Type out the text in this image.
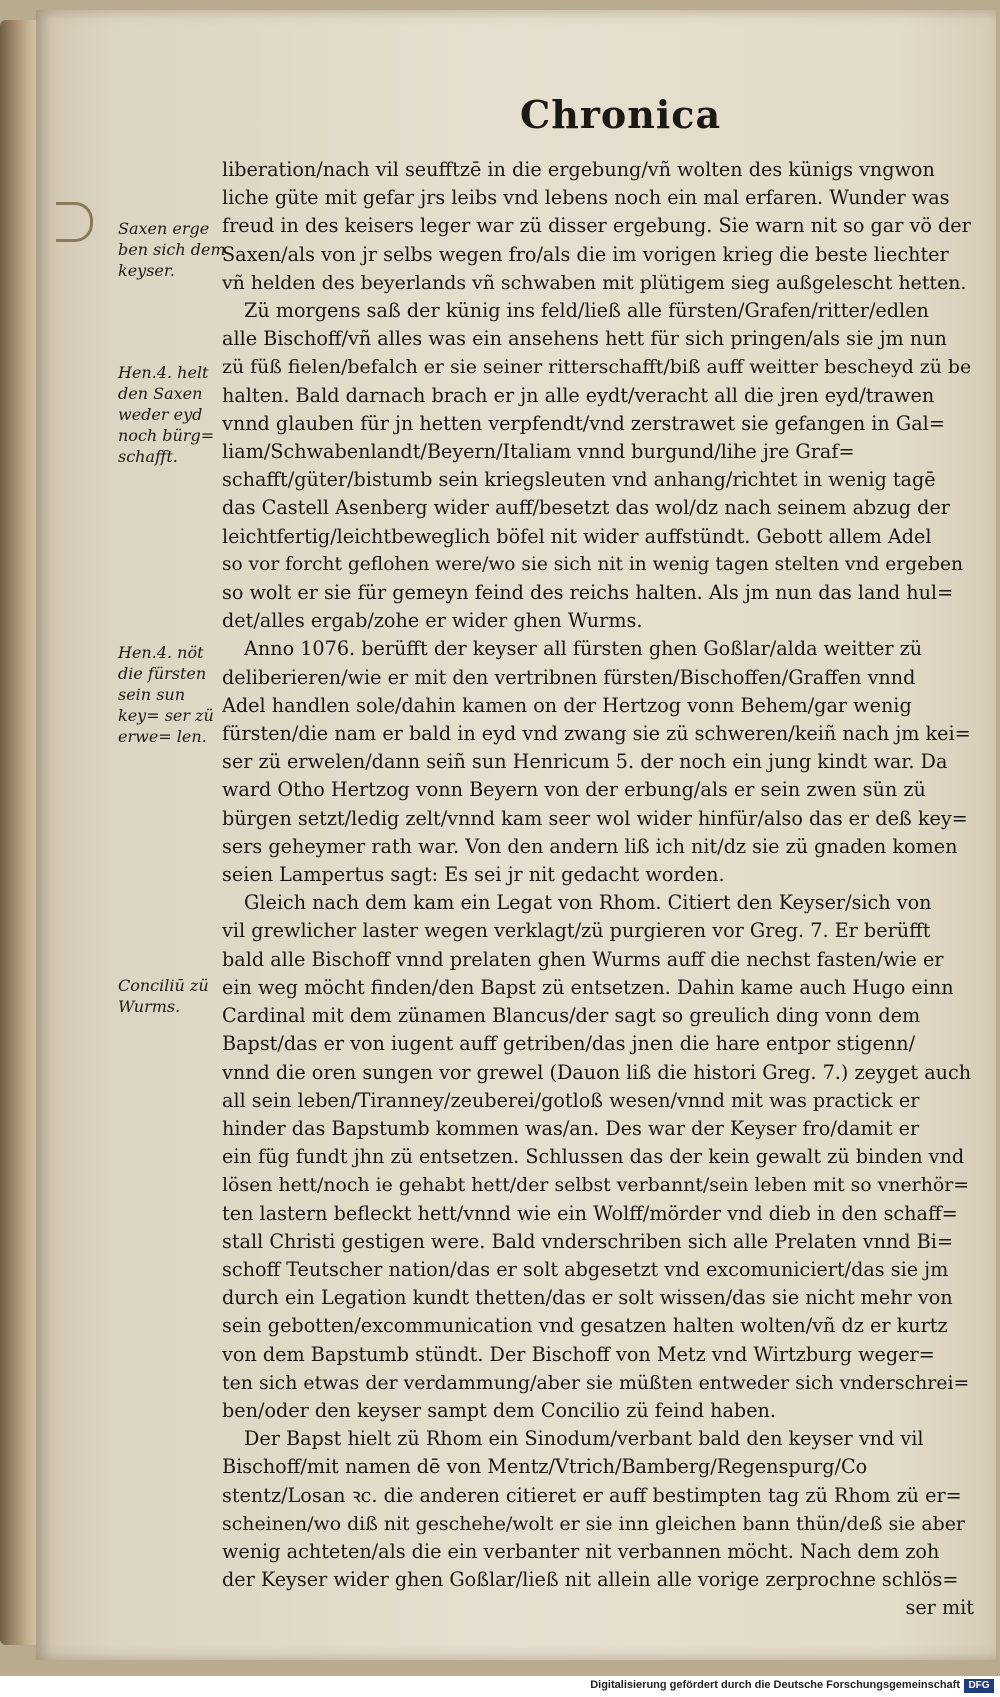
Chronica
Saxen erge ben sich dem keyser.
Hen.4. helt den Saxen weder eyd noch bürg= schafft.
Hen.4. nöt die fürsten sein sun key= ser zü erwe= len.
Conciliū zü Wurms.
liberation/nach vil seufftzē in die ergebung/vñ wolten des künigs vngwon
liche güte mit gefar jrs leibs vnd lebens noch ein mal erfaren. Wunder was
freud in des keisers leger war zü disser ergebung. Sie warn nit so gar vö der
Saxen/als von jr selbs wegen fro/als die im vorigen krieg die beste liechter
vñ helden des beyerlands vñ schwaben mit plütigem sieg außgelescht hetten.
Zü morgens saß der künig ins feld/ließ alle fürsten/Grafen/ritter/edlen
alle Bischoff/vñ alles was ein ansehens hett für sich pringen/als sie jm nun
zü füß fielen/befalch er sie seiner ritterschafft/biß auff weitter bescheyd zü be
halten. Bald darnach brach er jn alle eydt/veracht all die jren eyd/trawen
vnnd glauben für jn hetten verpfendt/vnd zerstrawet sie gefangen in Gal=
liam/Schwabenlandt/Beyern/Italiam vnnd burgund/lihe jre Graf=
schafft/güter/bistumb sein kriegsleuten vnd anhang/richtet in wenig tagē
das Castell Asenberg wider auff/besetzt das wol/dz nach seinem abzug der
leichtfertig/leichtbeweglich böfel nit wider auffstündt. Gebott allem Adel
so vor forcht geflohen were/wo sie sich nit in wenig tagen stelten vnd ergeben
so wolt er sie für gemeyn feind des reichs halten. Als jm nun das land hul=
det/alles ergab/zohe er wider ghen Wurms.
Anno 1076. berüfft der keyser all fürsten ghen Goßlar/alda weitter zü
deliberieren/wie er mit den vertribnen fürsten/Bischoffen/Graffen vnnd
Adel handlen sole/dahin kamen on der Hertzog vonn Behem/gar wenig
fürsten/die nam er bald in eyd vnd zwang sie zü schweren/keiñ nach jm kei=
ser zü erwelen/dann seiñ sun Henricum 5. der noch ein jung kindt war. Da
ward Otho Hertzog vonn Beyern von der erbung/als er sein zwen sün zü
bürgen setzt/ledig zelt/vnnd kam seer wol wider hinfür/also das er deß key=
sers geheymer rath war. Von den andern liß ich nit/dz sie zü gnaden komen
seien Lampertus sagt: Es sei jr nit gedacht worden.
Gleich nach dem kam ein Legat von Rhom. Citiert den Keyser/sich von
vil grewlicher laster wegen verklagt/zü purgieren vor Greg. 7. Er berüfft
bald alle Bischoff vnnd prelaten ghen Wurms auff die nechst fasten/wie er
ein weg möcht finden/den Bapst zü entsetzen. Dahin kame auch Hugo einn
Cardinal mit dem zünamen Blancus/der sagt so greulich ding vonn dem
Bapst/das er von iugent auff getriben/das jnen die hare entpor stigenn/
vnnd die oren sungen vor grewel (Dauon liß die histori Greg. 7.) zeyget auch
all sein leben/Tiranney/zeuberei/gotloß wesen/vnnd mit was practick er
hinder das Bapstumb kommen was/an. Des war der Keyser fro/damit er
ein füg fundt jhn zü entsetzen. Schlussen das der kein gewalt zü binden vnd
lösen hett/noch ie gehabt hett/der selbst verbannt/sein leben mit so vnerhör=
ten lastern befleckt hett/vnnd wie ein Wolff/mörder vnd dieb in den schaff=
stall Christi gestigen were. Bald vnderschriben sich alle Prelaten vnnd Bi=
schoff Teutscher nation/das er solt abgesetzt vnd excomuniciert/das sie jm
durch ein Legation kundt thetten/das er solt wissen/das sie nicht mehr von
sein gebotten/excommunication vnd gesatzen halten wolten/vñ dz er kurtz
von dem Bapstumb stündt. Der Bischoff von Metz vnd Wirtzburg weger=
ten sich etwas der verdammung/aber sie müßten entweder sich vnderschrei=
ben/oder den keyser sampt dem Concilio zü feind haben.
Der Bapst hielt zü Rhom ein Sinodum/verbant bald den keyser vnd vil
Bischoff/mit namen dē von Mentz/Vtrich/Bamberg/Regenspurg/Co
stentz/Losan ꝛc. die anderen citieret er auff bestimpten tag zü Rhom zü er=
scheinen/wo diß nit geschehe/wolt er sie inn gleichen bann thün/deß sie aber
wenig achteten/als die ein verbanter nit verbannen möcht. Nach dem zoh
der Keyser wider ghen Goßlar/ließ nit allein alle vorige zerprochne schlös=
ser mit
Digitalisierung gefördert durch die Deutsche Forschungsgemeinschaft DFG
